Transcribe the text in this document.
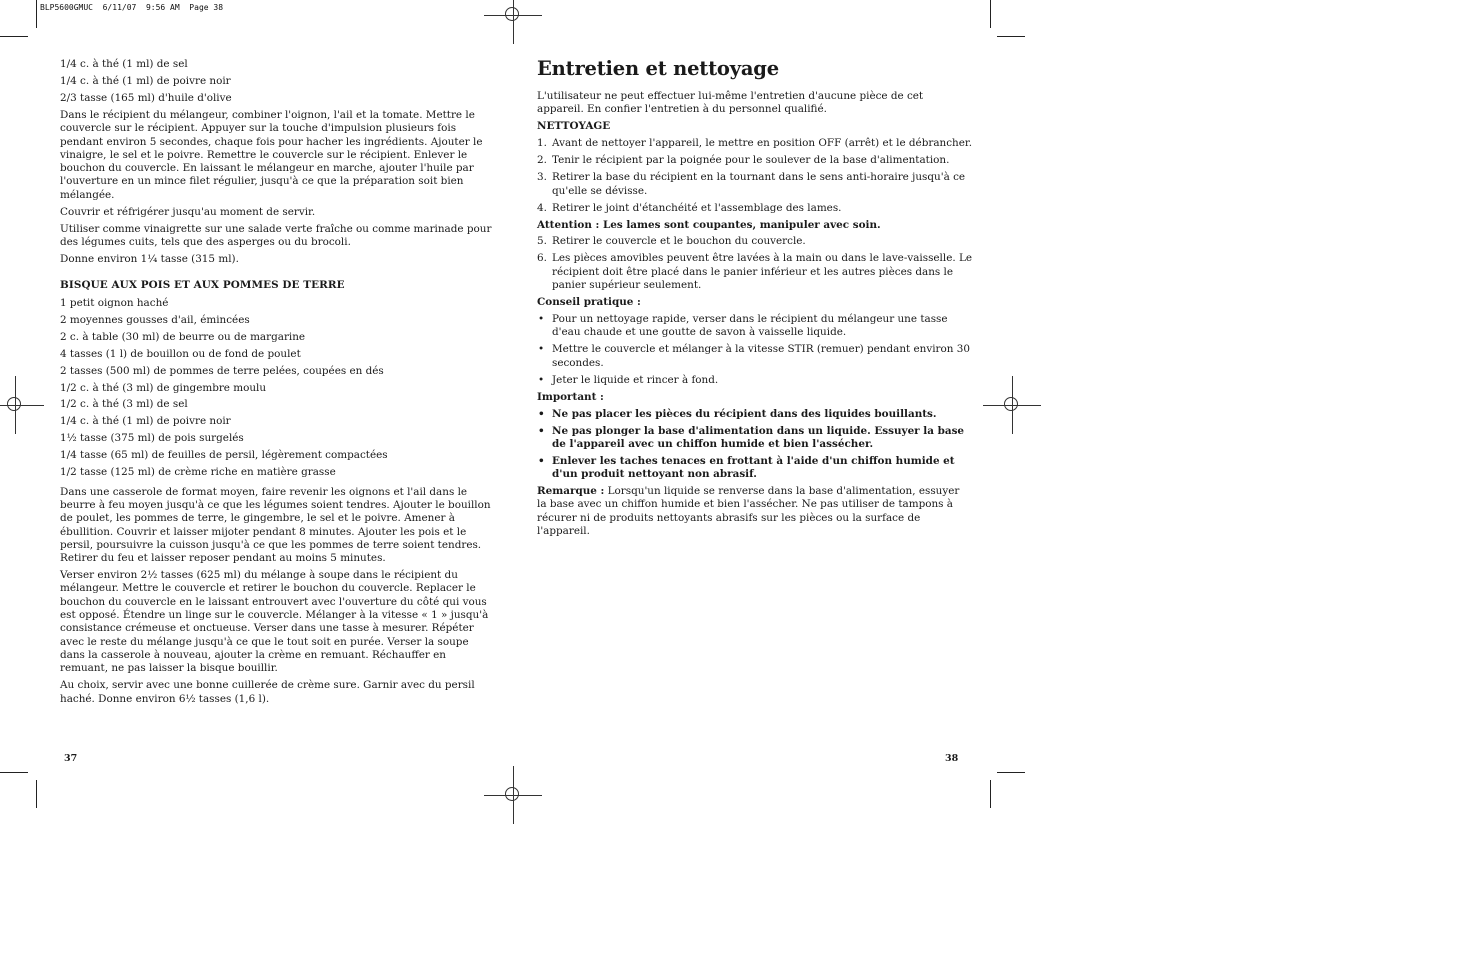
BLP5600GMUC  6/11/07  9:56 AM  Page 38

1/4 c. à thé (1 ml) de sel

1/4 c. à thé (1 ml) de poivre noir

2/3 tasse (165 ml) d'huile d'olive

Dans le récipient du mélangeur, combiner l'oignon, l'ail et la tomate. Mettre le couvercle sur le récipient. Appuyer sur la touche d'impulsion plusieurs fois pendant environ 5 secondes, chaque fois pour hacher les ingrédients. Ajouter le vinaigre, le sel et le poivre. Remettre le couvercle sur le récipient. Enlever le bouchon du couvercle. En laissant le mélangeur en marche, ajouter l'huile par l'ouverture en un mince filet régulier, jusqu'à ce que la préparation soit bien mélangée.

Couvrir et réfrigérer jusqu'au moment de servir.

Utiliser comme vinaigrette sur une salade verte fraîche ou comme marinade pour des légumes cuits, tels que des asperges ou du brocoli.

Donne environ 1¼ tasse (315 ml).

BISQUE AUX POIS ET AUX POMMES DE TERRE

1 petit oignon haché

2 moyennes gousses d'ail, émincées

2 c. à table (30 ml) de beurre ou de margarine

4 tasses (1 l) de bouillon ou de fond de poulet

2 tasses (500 ml) de pommes de terre pelées, coupées en dés

1/2 c. à thé (3 ml) de gingembre moulu

1/2 c. à thé (3 ml) de sel

1/4 c. à thé (1 ml) de poivre noir

1½ tasse (375 ml) de pois surgelés

1/4 tasse (65 ml) de feuilles de persil, légèrement compactées

1/2 tasse (125 ml) de crème riche en matière grasse

Dans une casserole de format moyen, faire revenir les oignons et l'ail dans le beurre à feu moyen jusqu'à ce que les légumes soient tendres. Ajouter le bouillon de poulet, les pommes de terre, le gingembre, le sel et le poivre. Amener à ébullition. Couvrir et laisser mijoter pendant 8 minutes. Ajouter les pois et le persil, poursuivre la cuisson jusqu'à ce que les pommes de terre soient tendres. Retirer du feu et laisser reposer pendant au moins 5 minutes.

Verser environ 2½ tasses (625 ml) du mélange à soupe dans le récipient du mélangeur. Mettre le couvercle et retirer le bouchon du couvercle. Replacer le bouchon du couvercle en le laissant entrouvert avec l'ouverture du côté qui vous est opposé. Étendre un linge sur le couvercle. Mélanger à la vitesse « 1 » jusqu'à consistance crémeuse et onctueuse. Verser dans une tasse à mesurer. Répéter avec le reste du mélange jusqu'à ce que le tout soit en purée. Verser la soupe dans la casserole à nouveau, ajouter la crème en remuant. Réchauffer en remuant, ne pas laisser la bisque bouillir.

Au choix, servir avec une bonne cuillerée de crème sure. Garnir avec du persil haché. Donne environ 6½ tasses (1,6 l).

37
Entretien et nettoyage

L'utilisateur ne peut effectuer lui-même l'entretien d'aucune pièce de cet appareil. En confier l'entretien à du personnel qualifié.

NETTOYAGE

1. Avant de nettoyer l'appareil, le mettre en position OFF (arrêt) et le débrancher.
2. Tenir le récipient par la poignée pour le soulever de la base d'alimentation.
3. Retirer la base du récipient en la tournant dans le sens anti-horaire jusqu'à ce qu'elle se dévisse.
4. Retirer le joint d'étanchéité et l'assemblage des lames.

Attention : Les lames sont coupantes, manipuler avec soin.

5. Retirer le couvercle et le bouchon du couvercle.
6. Les pièces amovibles peuvent être lavées à la main ou dans le lave-vaisselle. Le récipient doit être placé dans le panier inférieur et les autres pièces dans le panier supérieur seulement.

Conseil pratique :

• Pour un nettoyage rapide, verser dans le récipient du mélangeur une tasse d'eau chaude et une goutte de savon à vaisselle liquide.
• Mettre le couvercle et mélanger à la vitesse STIR (remuer) pendant environ 30 secondes.
• Jeter le liquide et rincer à fond.

Important :

• Ne pas placer les pièces du récipient dans des liquides bouillants.
• Ne pas plonger la base d'alimentation dans un liquide. Essuyer la base de l'appareil avec un chiffon humide et bien l'assécher.
• Enlever les taches tenaces en frottant à l'aide d'un chiffon humide et d'un produit nettoyant non abrasif.

Remarque : Lorsqu'un liquide se renverse dans la base d'alimentation, essuyer la base avec un chiffon humide et bien l'assécher. Ne pas utiliser de tampons à récurer ni de produits nettoyants abrasifs sur les pièces ou la surface de l'appareil.

38
